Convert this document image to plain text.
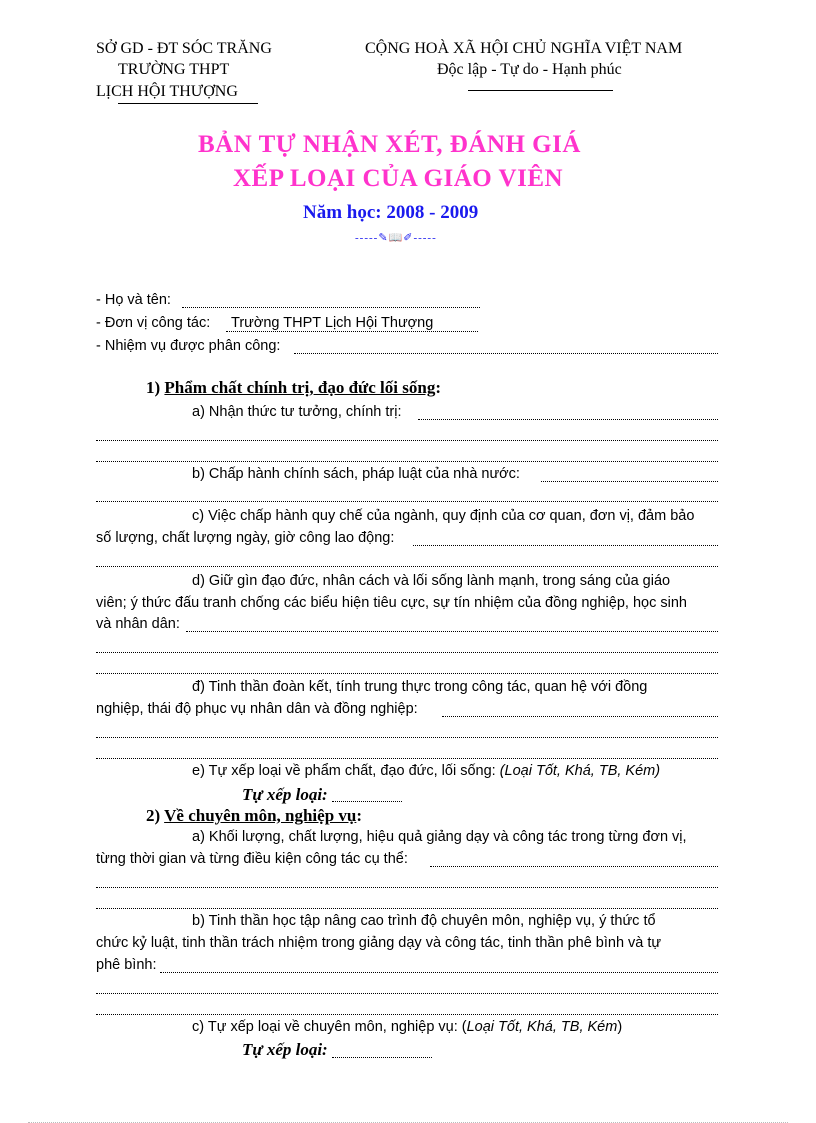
SỞ GD - ĐT SÓC TRĂNG
TRƯỜNG THPT
LỊCH HỘI THƯỢNG
CỘNG HOÀ XÃ HỘI CHỦ NGHĨA VIỆT NAM
Độc lập - Tự do - Hạnh phúc
BẢN TỰ NHẬN XÉT, ĐÁNH GIÁ
XẾP LOẠI CỦA GIÁO VIÊN
Năm học: 2008 - 2009
-----✎📖✐-----
- Họ và tên:
- Đơn vị công tác: Trường THPT Lịch Hội Thượng
- Nhiệm vụ được phân công:
1) Phẩm chất chính trị, đạo đức lối sống:
a) Nhận thức tư tưởng, chính trị:
b) Chấp hành chính sách, pháp luật của nhà nước:
c) Việc chấp hành quy chế của ngành, quy định của cơ quan, đơn vị, đảm bảo
số lượng, chất lượng ngày, giờ công lao động:
d) Giữ gìn đạo đức, nhân cách và lối sống lành mạnh, trong sáng của giáo
viên; ý thức đấu tranh chống các biểu hiện tiêu cực, sự tín nhiệm của đồng nghiệp, học sinh
và nhân dân:
đ) Tinh thần đoàn kết, tính trung thực trong công tác, quan hệ với đồng
nghiệp, thái độ phục vụ nhân dân và đồng nghiệp:
e) Tự xếp loại về phẩm chất, đạo đức, lối sống: (Loại Tốt, Khá, TB, Kém)
Tự xếp loại:
2) Về chuyên môn, nghiệp vụ:
a) Khối lượng, chất lượng, hiệu quả giảng dạy và công tác trong từng đơn vị,
từng thời gian và từng điều kiện công tác cụ thể:
b) Tinh thần học tập nâng cao trình độ chuyên môn, nghiệp vụ, ý thức tổ
chức kỷ luật, tinh thần trách nhiệm trong giảng dạy và công tác, tinh thần phê bình và tự
phê bình:
c) Tự xếp loại về chuyên môn, nghiệp vụ: (Loại Tốt, Khá, TB, Kém)
Tự xếp loại:
